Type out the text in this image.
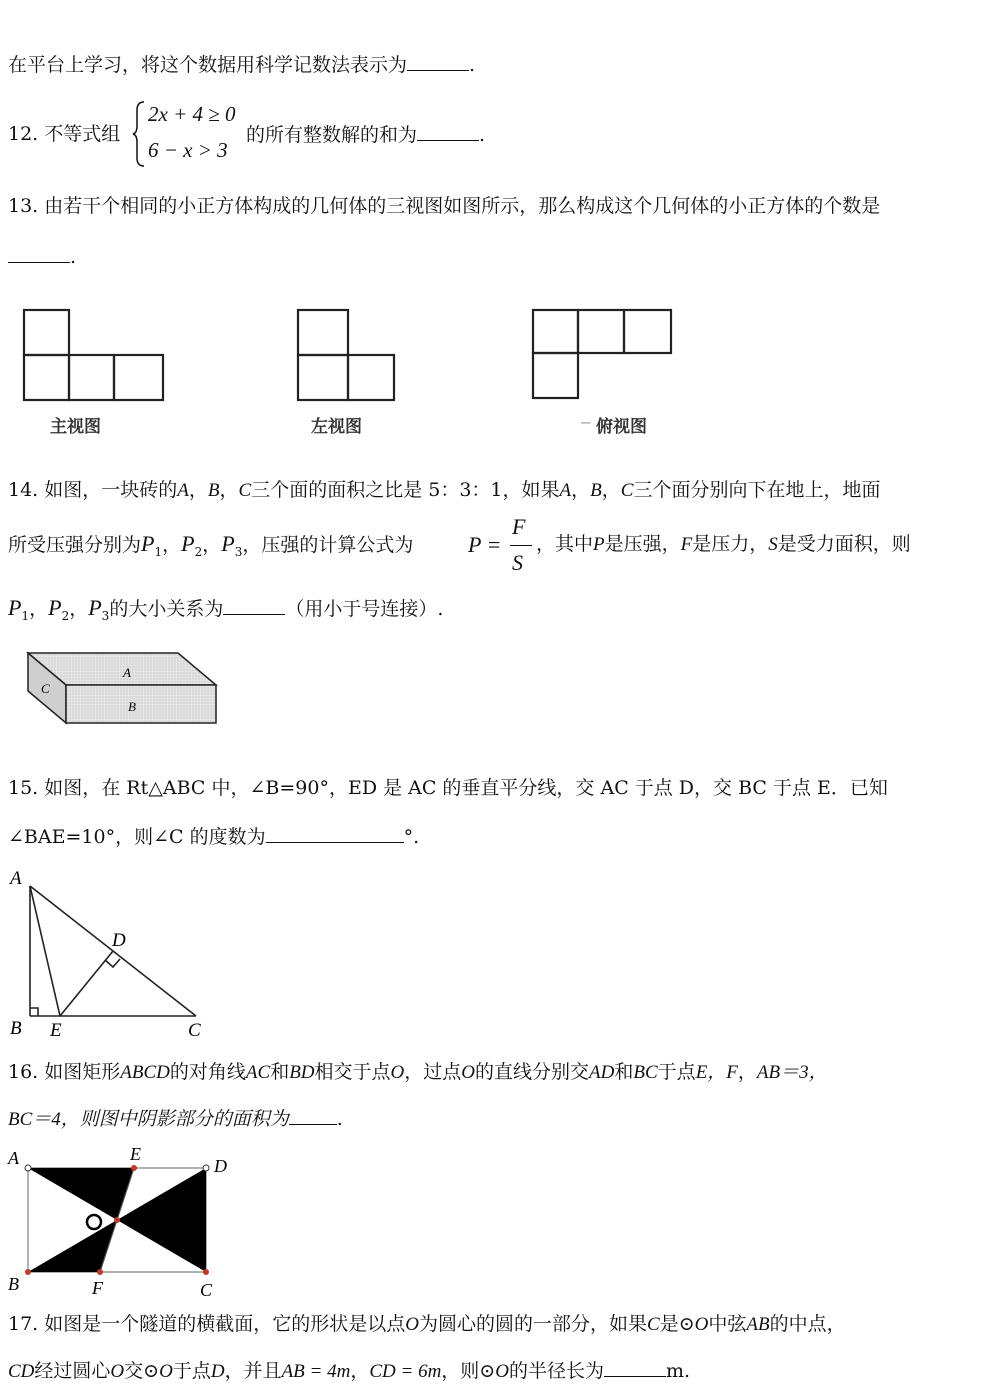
在平台上学习，将这个数据用科学记数法表示为	.
12. 不等式组
2x + 4 ≥ 0
6 − x > 3
的所有整数解的和为	.
13. 由若干个相同的小正方体构成的几何体的三视图如图所示，那么构成这个几何体的小正方体的个数是
.
主视图	左视图	– 俯视图
14. 如图，一块砖的A，B，C三个面的面积之比是 5：3：1，如果A，B，C三个面分别向下在地上，地面
所受压强分别为$P_1$，$P_2$，$P_3$，压强的计算公式为 P =
F
S
，其中P是压强，F是压力，S是受力面积，则
$P_1$，$P_2$，$P_3$的大小关系为	（用小于号连接）.
A
B
C
15. 如图，在 Rt△ABC 中，∠B=90°，ED 是 AC 的垂直平分线，交 AC 于点 D，交 BC 于点 E．已知
∠BAE=10°，则∠C 的度数为	°.
A
B E	C
D
16. 如图矩形ABCD的对角线AC和BD相交于点O，过点O的直线分别交AD和BC于点E，F，AB＝3，
BC＝4，则图中阴影部分的面积为	.
A	E
D
B	F	C
17. 如图是一个隧道的横截面，它的形状是以点O为圆心的圆的一部分，如果C是⊙O中弦AB的中点，
CD经过圆心O交⊙O于点D，并且AB = 4m，CD = 6m，则⊙O的半径长为	m.
